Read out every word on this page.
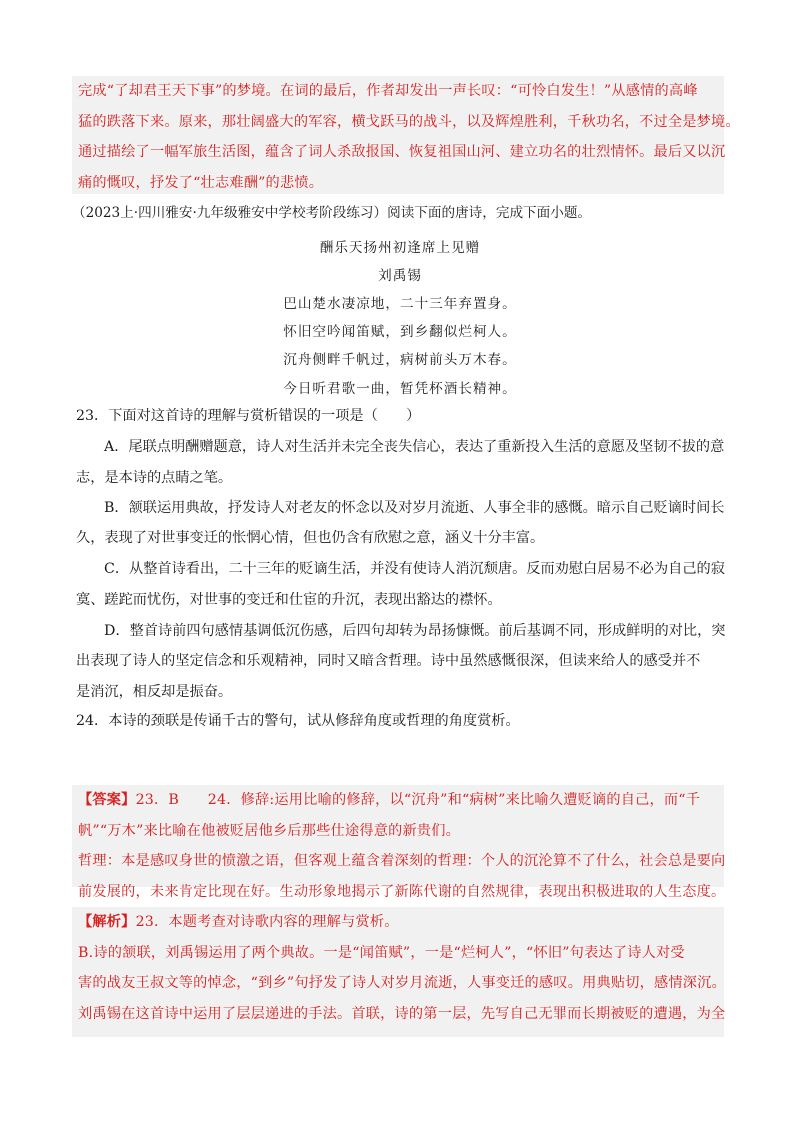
完成“了却君王天下事”的梦境。在词的最后，作者却发出一声长叹：“可怜白发生！”从感情的高峰
猛的跌落下来。原来，那壮阔盛大的军容，横戈跃马的战斗，以及辉煌胜利，千秋功名，不过全是梦境。
通过描绘了一幅军旅生活图，蕴含了词人杀敌报国、恢复祖国山河、建立功名的壮烈情怀。最后又以沉
痛的慨叹，抒发了“壮志难酬”的悲愤。
（2023上·四川雅安·九年级雅安中学校考阶段练习）阅读下面的唐诗，完成下面小题。
酬乐天扬州初逢席上见赠
刘禹锡
巴山楚水凄凉地，二十三年弃置身。
怀旧空吟闻笛赋，到乡翻似烂柯人。
沉舟侧畔千帆过，病树前头万木春。
今日听君歌一曲，暂凭杯酒长精神。
23．下面对这首诗的理解与赏析错误的一项是（　　）
A．尾联点明酬赠题意，诗人对生活并未完全丧失信心，表达了重新投入生活的意愿及坚韧不拔的意
志，是本诗的点睛之笔。
B．颔联运用典故，抒发诗人对老友的怀念以及对岁月流逝、人事全非的感慨。暗示自己贬谪时间长
久，表现了对世事变迁的怅惘心情，但也仍含有欣慰之意，涵义十分丰富。
C．从整首诗看出，二十三年的贬谪生活，并没有使诗人消沉颓唐。反而劝慰白居易不必为自己的寂
寞、蹉跎而忧伤，对世事的变迁和仕宦的升沉，表现出豁达的襟怀。
D．整首诗前四句感情基调低沉伤感，后四句却转为昂扬慷慨。前后基调不同，形成鲜明的对比，突
出表现了诗人的坚定信念和乐观精神，同时又暗含哲理。诗中虽然感慨很深，但读来给人的感受并不
是消沉，相反却是振奋。
24．本诗的颈联是传诵千古的警句，试从修辞角度或哲理的角度赏析。
【答案】23．B　　24．修辞:运用比喻的修辞，以“沉舟”和“病树”来比喻久遭贬谪的自己，而“千
帆”“万木”来比喻在他被贬居他乡后那些仕途得意的新贵们。
哲理：本是感叹身世的愤激之语，但客观上蕴含着深刻的哲理：个人的沉沦算不了什么，社会总是要向
前发展的，未来肯定比现在好。生动形象地揭示了新陈代谢的自然规律，表现出积极进取的人生态度。
【解析】23．本题考查对诗歌内容的理解与赏析。
B.诗的颔联，刘禹锡运用了两个典故。一是“闻笛赋”，一是“烂柯人”，“怀旧”句表达了诗人对受
害的战友王叔文等的悼念，“到乡”句抒发了诗人对岁月流逝，人事变迁的感叹。用典贴切，感情深沉。
刘禹锡在这首诗中运用了层层递进的手法。首联，诗的第一层，先写自己无罪而长期被贬的遭遇，为全
